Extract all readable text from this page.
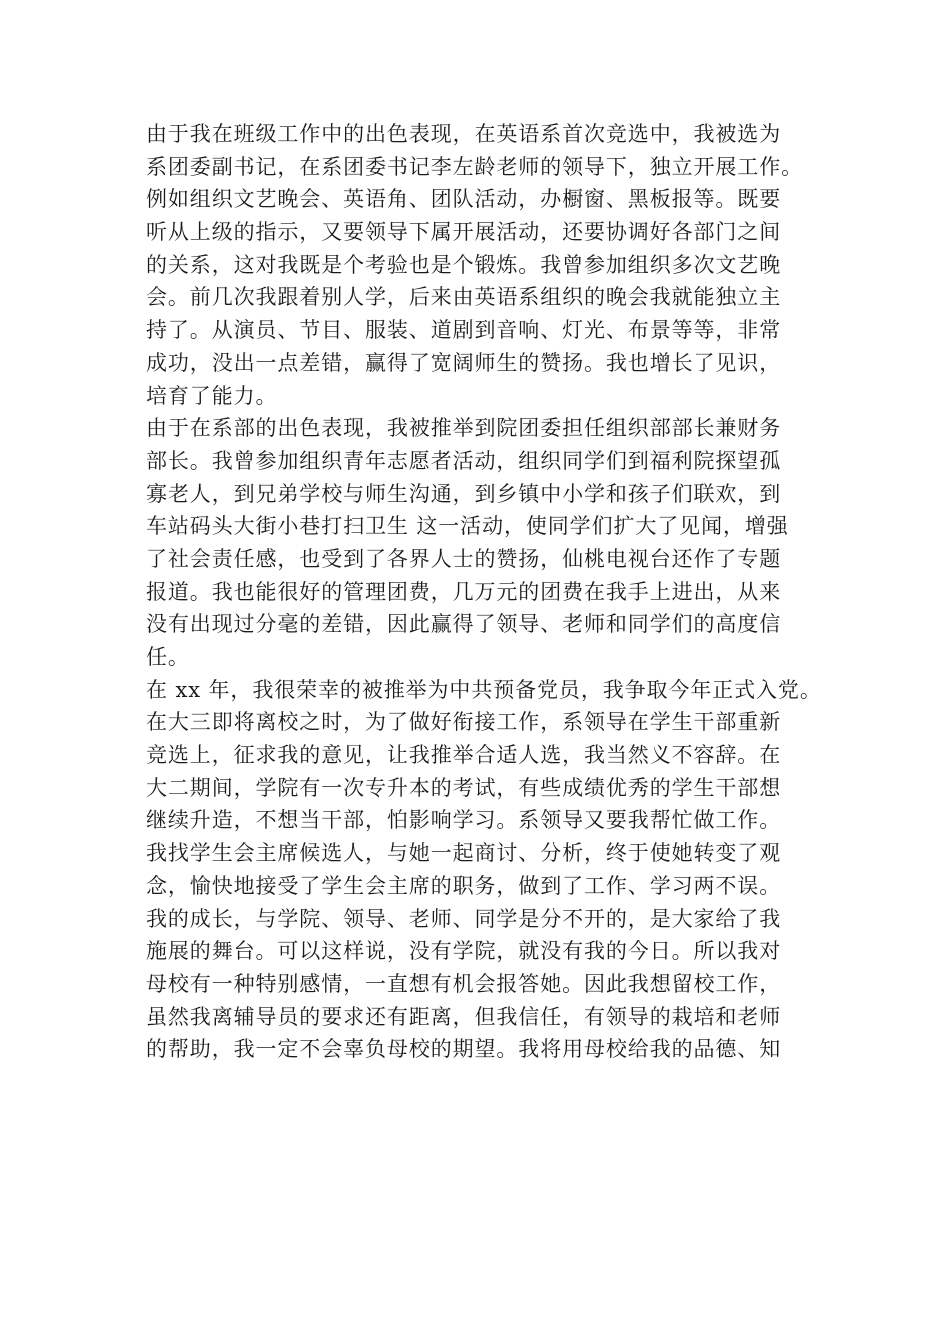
由于我在班级工作中的出色表现，在英语系首次竞选中，我被选为
系团委副书记，在系团委书记李左龄老师的领导下，独立开展工作。
例如组织文艺晚会、英语角、团队活动，办橱窗、黑板报等。既要
听从上级的指示，又要领导下属开展活动，还要协调好各部门之间
的关系，这对我既是个考验也是个锻炼。我曾参加组织多次文艺晚
会。前几次我跟着别人学，后来由英语系组织的晚会我就能独立主
持了。从演员、节目、服装、道剧到音响、灯光、布景等等，非常
成功，没出一点差错，赢得了宽阔师生的赞扬。我也增长了见识，
培育了能力。
由于在系部的出色表现，我被推举到院团委担任组织部部长兼财务
部长。我曾参加组织青年志愿者活动，组织同学们到福利院探望孤
寡老人，到兄弟学校与师生沟通，到乡镇中小学和孩子们联欢，到
车站码头大街小巷打扫卫生 这一活动，使同学们扩大了见闻，增强
了社会责任感，也受到了各界人士的赞扬，仙桃电视台还作了专题
报道。我也能很好的管理团费，几万元的团费在我手上进出，从来
没有出现过分毫的差错，因此赢得了领导、老师和同学们的高度信
任。
在 xx 年，我很荣幸的被推举为中共预备党员，我争取今年正式入党。
在大三即将离校之时，为了做好衔接工作，系领导在学生干部重新
竞选上，征求我的意见，让我推举合适人选，我当然义不容辞。在
大二期间，学院有一次专升本的考试，有些成绩优秀的学生干部想
继续升造，不想当干部，怕影响学习。系领导又要我帮忙做工作。
我找学生会主席候选人，与她一起商讨、分析，终于使她转变了观
念，愉快地接受了学生会主席的职务，做到了工作、学习两不误。
我的成长，与学院、领导、老师、同学是分不开的，是大家给了我
施展的舞台。可以这样说，没有学院，就没有我的今日。所以我对
母校有一种特别感情，一直想有机会报答她。因此我想留校工作，
虽然我离辅导员的要求还有距离，但我信任，有领导的栽培和老师
的帮助，我一定不会辜负母校的期望。我将用母校给我的品德、知
